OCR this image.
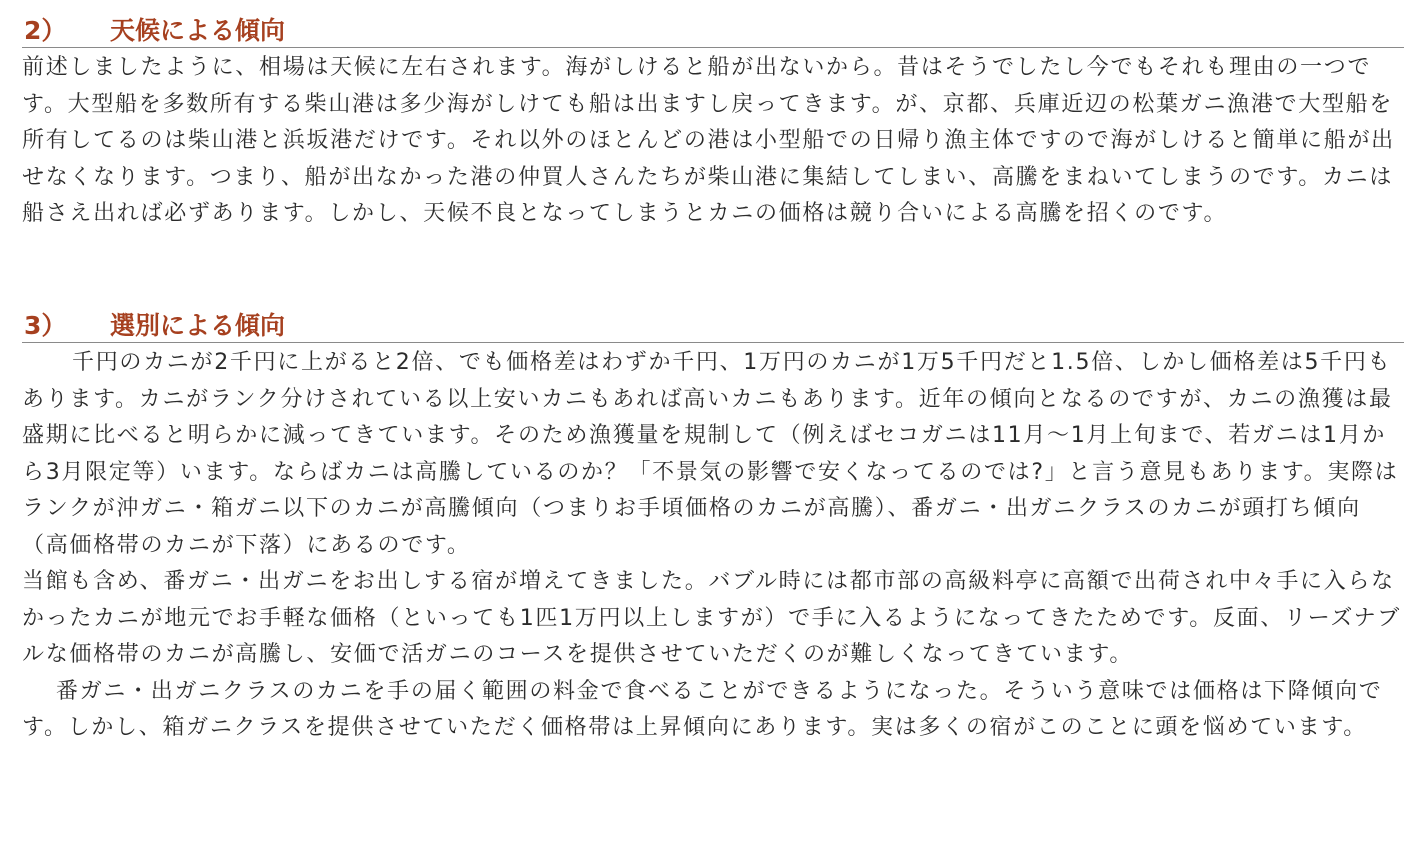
2）	天候による傾向

前述しましたように、相場は天候に左右されます。海がしけると船が出ないから。昔はそうでしたし今でもそれも理由の一つです。大型船を多数所有する柴山港は多少海がしけても船は出ますし戻ってきます。が、京都、兵庫近辺の松葉ガニ漁港で大型船を所有してるのは柴山港と浜坂港だけです。それ以外のほとんどの港は小型船での日帰り漁主体ですので海がしけると簡単に船が出せなくなります。つまり、船が出なかった港の仲買人さんたちが柴山港に集結してしまい、高騰をまねいてしまうのです。カニは船さえ出れば必ずあります。しかし、天候不良となってしまうとカニの価格は競り合いによる高騰を招くのです。

3）	選別による傾向

千円のカニが2千円に上がると2倍、でも価格差はわずか千円、1万円のカニが1万5千円だと1.5倍、しかし価格差は5千円もあります。カニがランク分けされている以上安いカニもあれば高いカニもあります。近年の傾向となるのですが、カニの漁獲は最盛期に比べると明らかに減ってきています。そのため漁獲量を規制して（例えばセコガニは11月〜1月上旬まで、若ガニは1月から3月限定等）います。ならばカニは高騰しているのか？「不景気の影響で安くなってるのでは?」と言う意見もあります。実際はランクが沖ガニ・箱ガニ以下のカニが高騰傾向（つまりお手頃価格のカニが高騰）、番ガニ・出ガニクラスのカニが頭打ち傾向（高価格帯のカニが下落）にあるのです。

当館も含め、番ガニ・出ガニをお出しする宿が増えてきました。バブル時には都市部の高級料亭に高額で出荷され中々手に入らなかったカニが地元でお手軽な価格（といっても1匹1万円以上しますが）で手に入るようになってきたためです。反面、リーズナブルな価格帯のカニが高騰し、安価で活ガニのコースを提供させていただくのが難しくなってきています。

番ガニ・出ガニクラスのカニを手の届く範囲の料金で食べることができるようになった。そういう意味では価格は下降傾向です。しかし、箱ガニクラスを提供させていただく価格帯は上昇傾向にあります。実は多くの宿がこのことに頭を悩めています。
